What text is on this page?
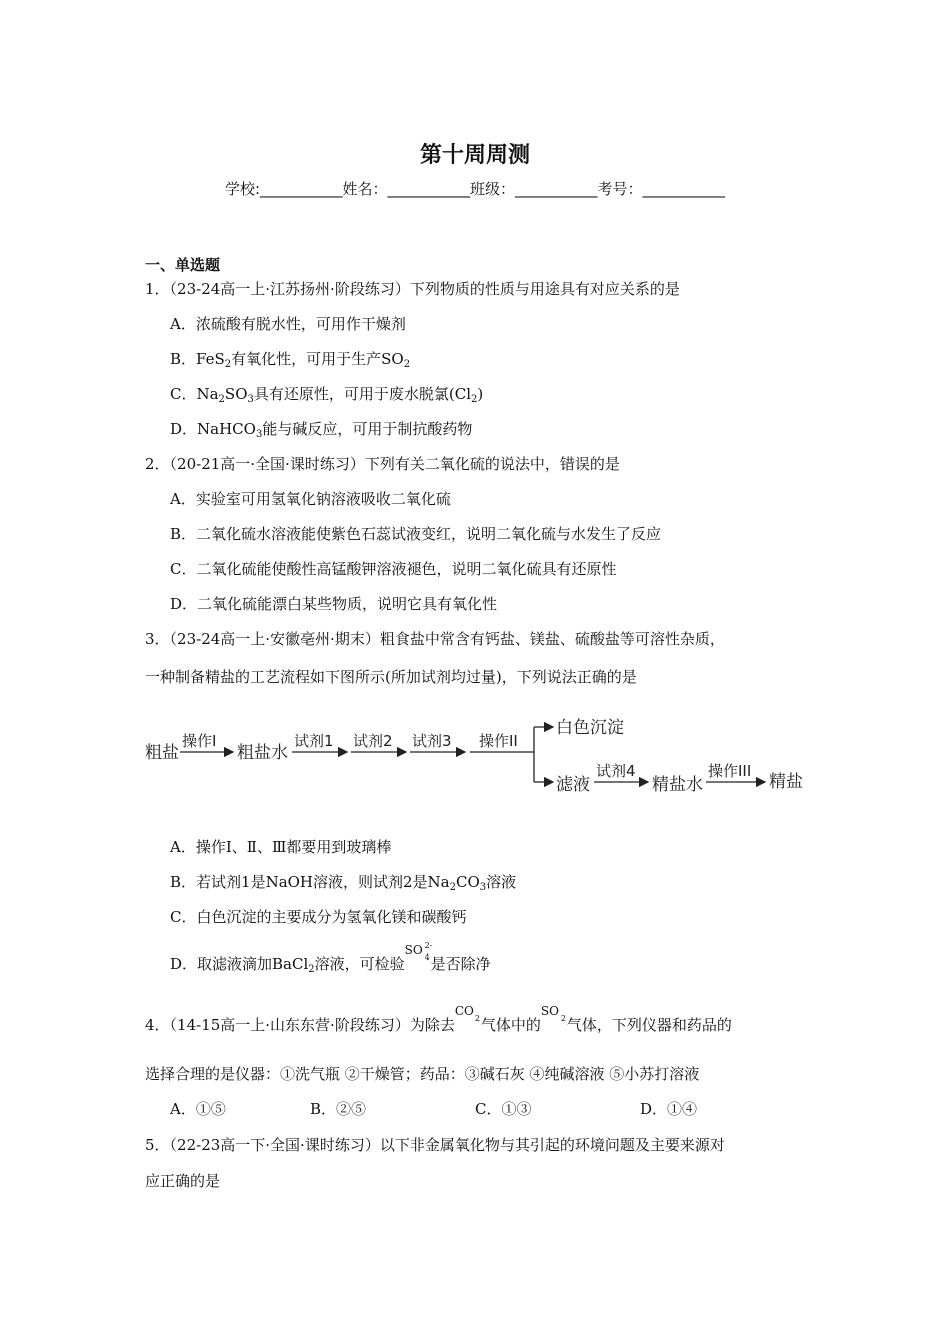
第十周周测
学校:___________姓名：___________班级：___________考号：___________
一、单选题
1．（23-24高一上·江苏扬州·阶段练习）下列物质的性质与用途具有对应关系的是
A．浓硫酸有脱水性，可用作干燥剂
B．FeS$_2$有氧化性，可用于生产$SO_2$
C．$Na_2SO_3$具有还原性，可用于废水脱氯$(Cl_2)$
D．NaHCO$_3$能与碱反应，可用于制抗酸药物
2．（20-21高一·全国·课时练习）下列有关二氧化硫的说法中，错误的是
A．实验室可用氢氧化钠溶液吸收二氧化硫
B．二氧化硫水溶液能使紫色石蕊试液变红，说明二氧化硫与水发生了反应
C．二氧化硫能使酸性高锰酸钾溶液褪色，说明二氧化硫具有还原性
D．二氧化硫能漂白某些物质，说明它具有氧化性
3．（23-24高一上·安徽亳州·期末）粗食盐中常含有钙盐、镁盐、硫酸盐等可溶性杂质，
一种制备精盐的工艺流程如下图所示(所加试剂均过量)，下列说法正确的是
粗盐	粗盐水
白色沉淀
滤液	精盐水	精盐
操作I	试剂1 试剂2 试剂3 操作II
试剂4	操作III
A．操作Ⅰ、Ⅱ、Ⅲ都要用到玻璃棒
B．若试剂1是NaOH溶液，则试剂2是$Na_2CO_3$溶液
C．白色沉淀的主要成分为氢氧化镁和碳酸钙
D．取滤液滴加BaCl$_2$溶液，可检验
SO 2-
4 是否除净
4．（14-15高一上·山东东营·阶段练习）为除去
CO
2 气体中的
SO
2 气体，下列仪器和药品的
选择合理的是仪器：①洗气瓶 ②干燥管；药品：③碱石灰 ④纯碱溶液 ⑤小苏打溶液
A．①⑤	B．②⑤	C．①③	D．①④
5．（22-23高一下·全国·课时练习）以下非金属氧化物与其引起的环境问题及主要来源对
应正确的是
